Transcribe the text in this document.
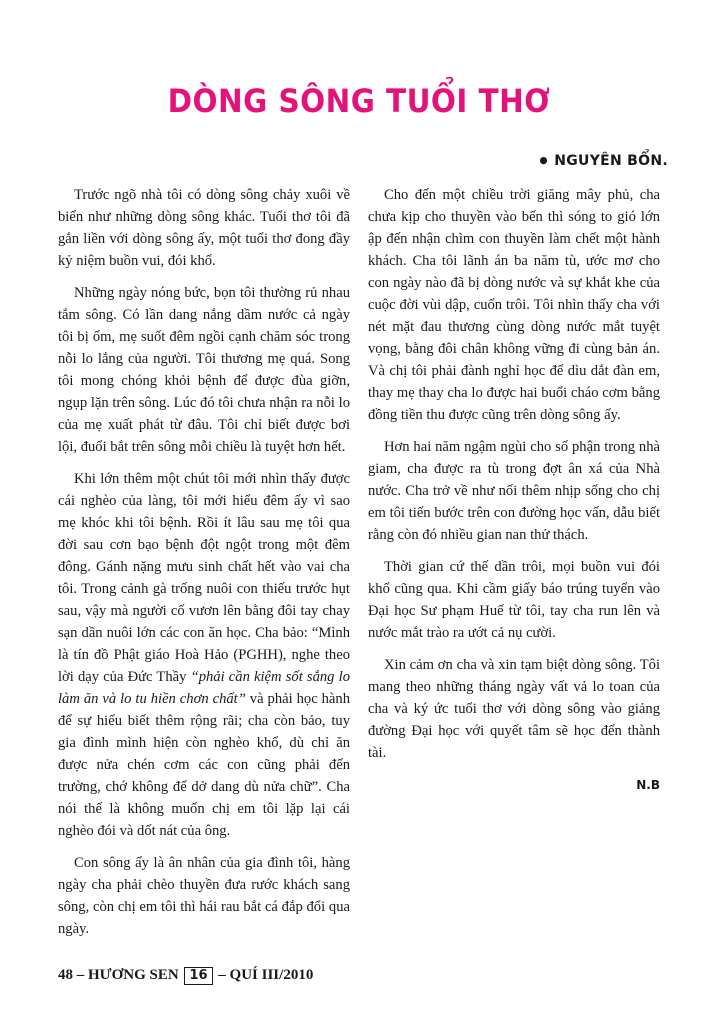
DÒNG SÔNG TUỔI THƠ
• NGUYÊN BỔN.

Trước ngõ nhà tôi có dòng sông chảy xuôi về biển như những dòng sông khác. Tuổi thơ tôi đã gắn liền với dòng sông ấy, một tuổi thơ đong đầy kỷ niệm buồn vui, đói khổ.

Những ngày nóng bức, bọn tôi thường rủ nhau tắm sông. Có lần dang nắng dầm nước cả ngày tôi bị ốm, mẹ suốt đêm ngồi cạnh chăm sóc trong nỗi lo lắng của người. Tôi thương mẹ quá. Song tôi mong chóng khỏi bệnh để được đùa giỡn, ngụp lặn trên sông. Lúc đó tôi chưa nhận ra nỗi lo của mẹ xuất phát từ đâu. Tôi chỉ biết được bơi lội, đuổi bắt trên sông mỗi chiều là tuyệt hơn hết.

Khi lớn thêm một chút tôi mới nhìn thấy được cái nghèo của làng, tôi mới hiểu đêm ấy vì sao mẹ khóc khi tôi bệnh. Rồi ít lâu sau mẹ tôi qua đời sau cơn bạo bệnh đột ngột trong một đêm đông. Gánh nặng mưu sinh chất hết vào vai cha tôi. Trong cảnh gà trống nuôi con thiếu trước hụt sau, vậy mà người cố vươn lên bằng đôi tay chay sạn dần nuôi lớn các con ăn học. Cha bảo: “Mình là tín đồ Phật giáo Hoà Hảo (PGHH), nghe theo lời dạy của Đức Thầy “phải cần kiệm sốt sắng lo làm ăn và lo tu hiền chơn chất” và phải học hành để sự hiểu biết thêm rộng rãi; cha còn bảo, tuy gia đình mình hiện còn nghèo khổ, dù chỉ ăn được nửa chén cơm các con cũng phải đến trường, chớ không để dở dang dù nửa chữ”. Cha nói thế là không muốn chị em tôi lặp lại cái nghèo đói và dốt nát của ông.

Con sông ấy là ân nhân của gia đình tôi, hàng ngày cha phải chèo thuyền đưa rước khách sang sông, còn chị em tôi thì hái rau bắt cá đắp đổi qua ngày.

Cho đến một chiều trời giăng mây phủ, cha chưa kịp cho thuyền vào bến thì sóng to gió lớn ập đến nhận chìm con thuyền làm chết một hành khách. Cha tôi lãnh án ba năm tù, ước mơ cho con ngày nào đã bị dòng nước và sự khắt khe của cuộc đời vùi dập, cuốn trôi. Tôi nhìn thấy cha với nét mặt đau thương cùng dòng nước mắt tuyệt vọng, bằng đôi chân không vững đi cùng bản án. Và chị tôi phải đành nghỉ học để dìu dắt đàn em, thay mẹ thay cha lo được hai buổi cháo cơm bằng đồng tiền thu được cũng trên dòng sông ấy.

Hơn hai năm ngậm ngùi cho số phận trong nhà giam, cha được ra tù trong đợt ân xá của Nhà nước. Cha trở về như nối thêm nhịp sống cho chị em tôi tiến bước trên con đường học vấn, dẫu biết rằng còn đó nhiều gian nan thử thách.

Thời gian cứ thế dần trôi, mọi buồn vui đói khổ cũng qua. Khi cầm giấy báo trúng tuyển vào Đại học Sư phạm Huế từ tôi, tay cha run lên và nước mắt trào ra ướt cả nụ cười.

Xin cảm ơn cha và xin tạm biệt dòng sông. Tôi mang theo những tháng ngày vất vả lo toan của cha và ký ức tuổi thơ với dòng sông vào giảng đường Đại học với quyết tâm sẽ học đến thành tài.

N.B

48 – HƯƠNG SEN 16 – QUÍ III/2010
